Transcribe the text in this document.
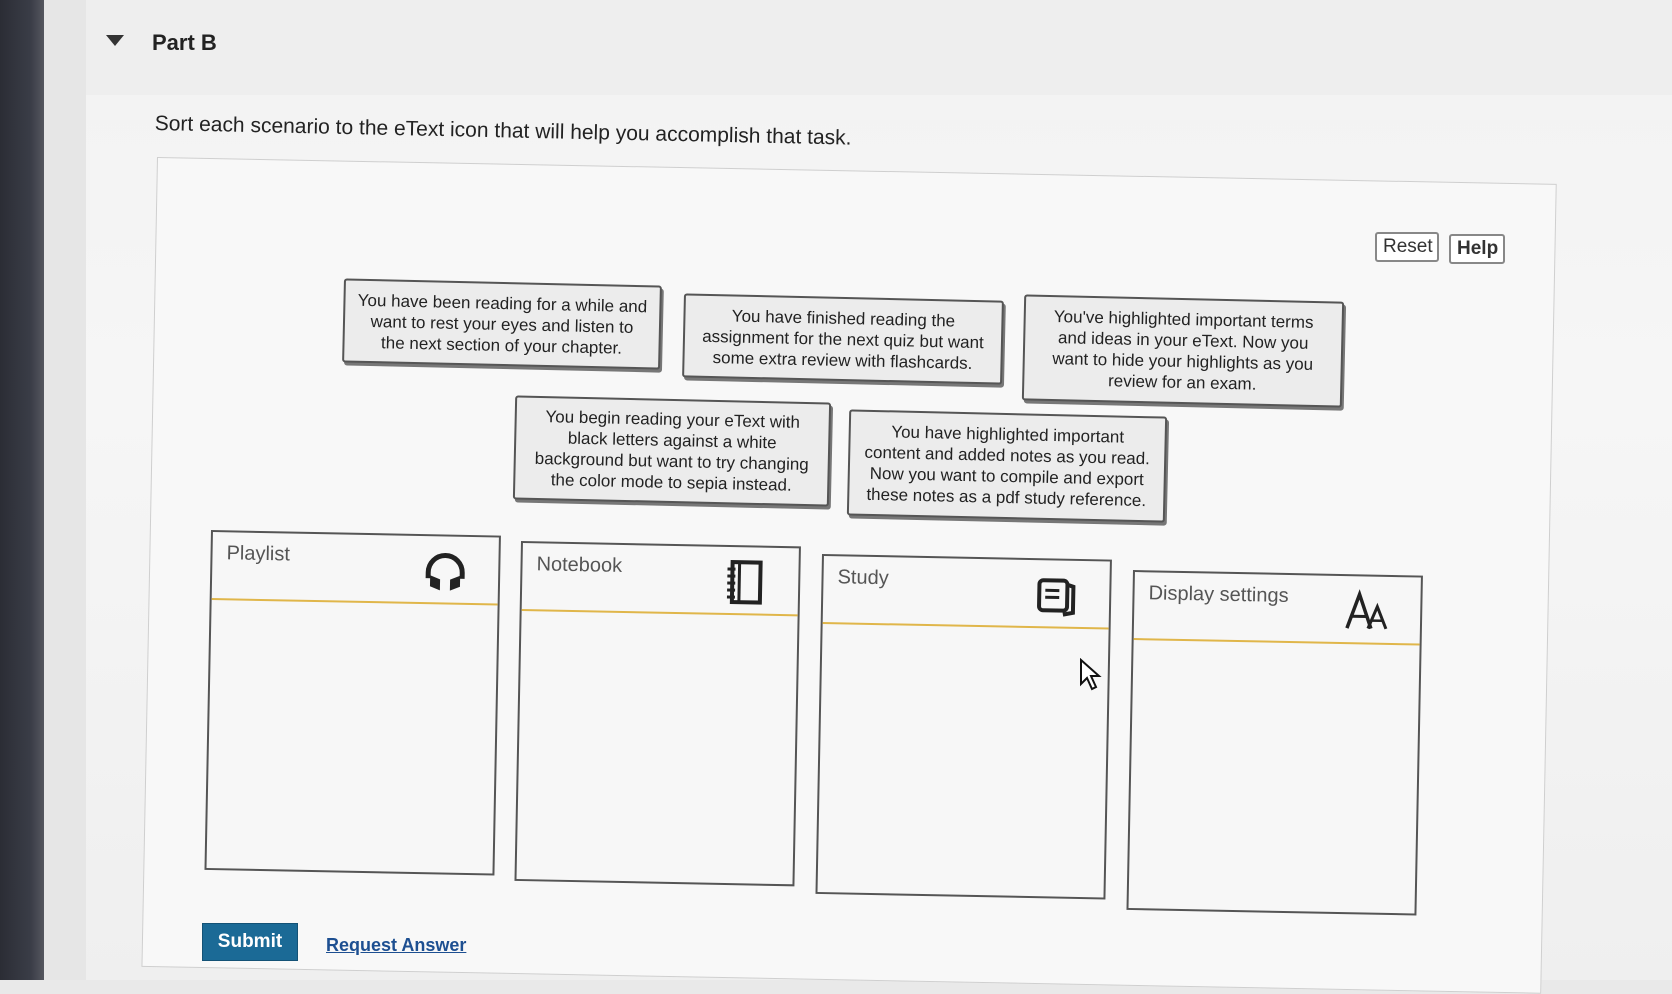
Part B
Sort each scenario to the eText icon that will help you accomplish that task.
Reset	Help
You have been reading for a while and
want to rest your eyes and listen to
the next section of your chapter.
You have finished reading the
assignment for the next quiz but want
some extra review with flashcards.
You've highlighted important terms
and ideas in your eText. Now you
want to hide your highlights as you
review for an exam.
You begin reading your eText with
black letters against a white
background but want to try changing
the color mode to sepia instead.
You have highlighted important
content and added notes as you read.
Now you want to compile and export
these notes as a pdf study reference.
Playlist	Notebook
Study
Display settings
Submit	Request Answer
